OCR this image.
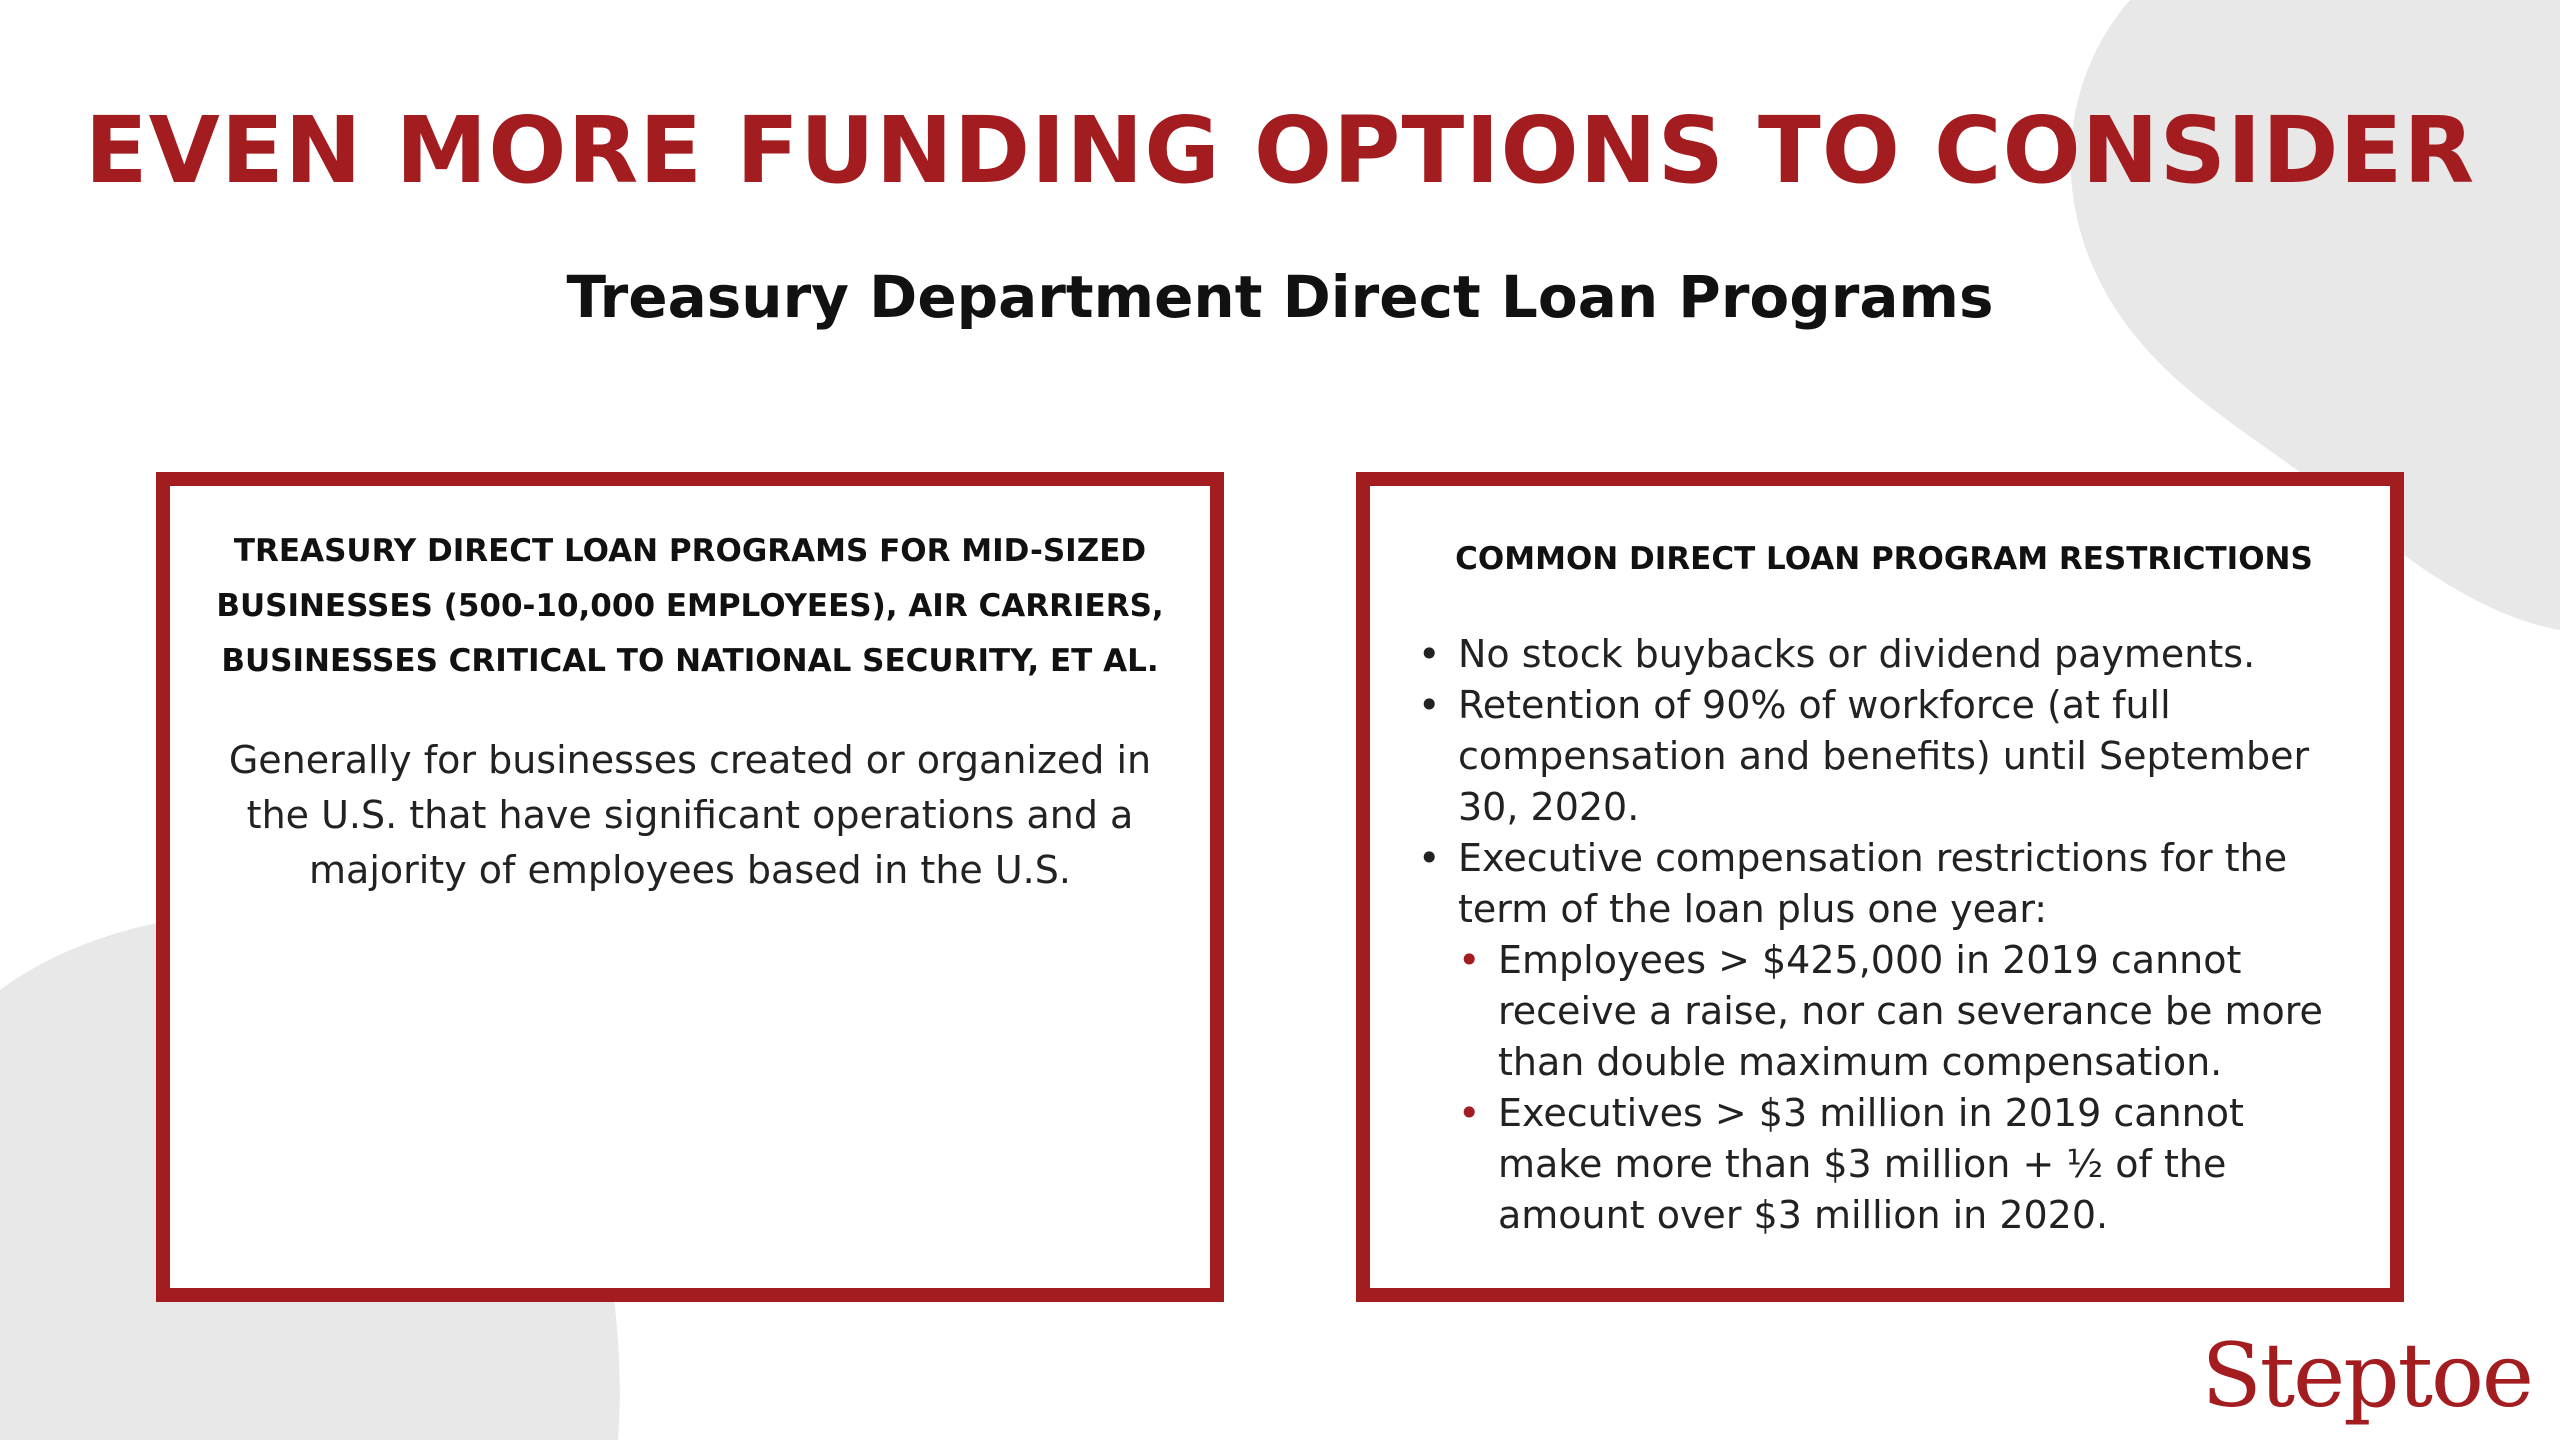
EVEN MORE FUNDING OPTIONS TO CONSIDER
Treasury Department Direct Loan Programs

TREASURY DIRECT LOAN PROGRAMS FOR MID-SIZED BUSINESSES (500-10,000 EMPLOYEES), AIR CARRIERS, BUSINESSES CRITICAL TO NATIONAL SECURITY, ET AL.

Generally for businesses created or organized in the U.S. that have significant operations and a majority of employees based in the U.S.

COMMON DIRECT LOAN PROGRAM RESTRICTIONS

• No stock buybacks or dividend payments.
• Retention of 90% of workforce (at full compensation and benefits) until September 30, 2020.
• Executive compensation restrictions for the term of the loan plus one year:
• Employees > $425,000 in 2019 cannot receive a raise, nor can severance be more than double maximum compensation.
• Executives > $3 million in 2019 cannot make more than $3 million + ½ of the amount over $3 million in 2020.
Steptoe
